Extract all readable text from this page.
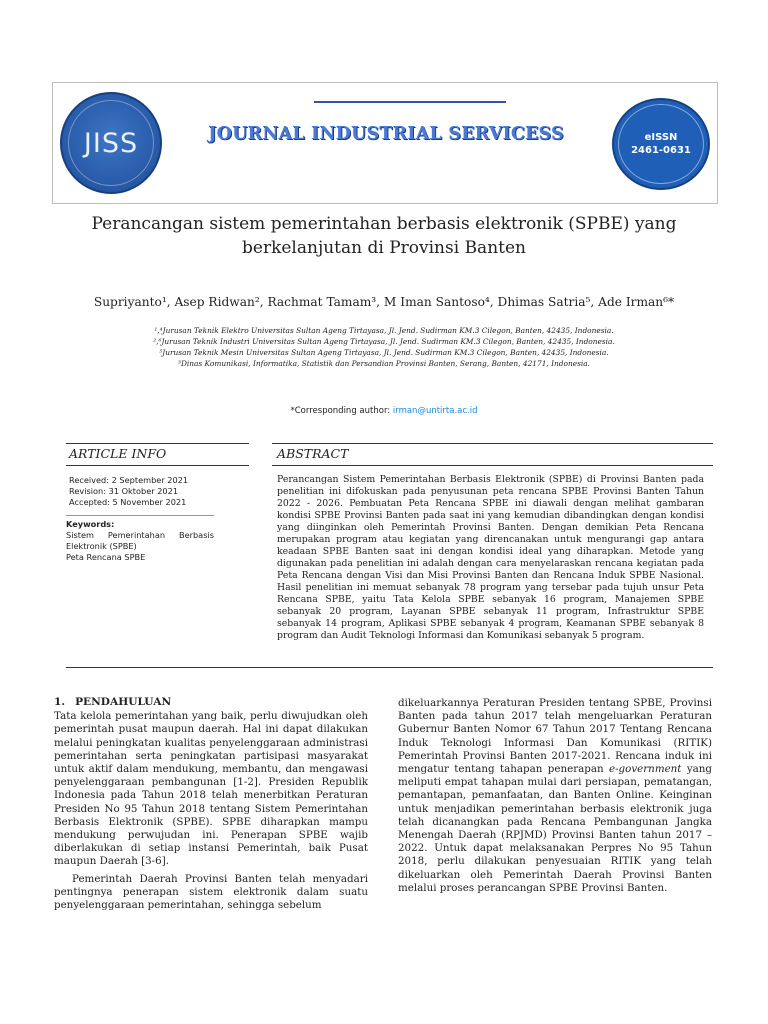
JISS	JOURNAL INDUSTRIAL SERVICESS	eISSN
2461-0631
Perancangan sistem pemerintahan berbasis elektronik (SPBE) yang
berkelanjutan di Provinsi Banten
Supriyanto¹, Asep Ridwan², Rachmat Tamam³, M Iman Santoso⁴, Dhimas Satria⁵, Ade Irman⁶*
¹,⁴Jurusan Teknik Elektro Universitas Sultan Ageng Tirtayasa, Jl. Jend. Sudirman KM.3 Cilegon, Banten, 42435, Indonesia.
²,⁶Jurusan Teknik Industri Universitas Sultan Ageng Tirtayasa, Jl. Jend. Sudirman KM.3 Cilegon, Banten, 42435, Indonesia.
⁵Jurusan Teknik Mesin Universitas Sultan Ageng Tirtayasa, Jl. Jend. Sudirman KM.3 Cilegon, Banten, 42435, Indonesia.
³Dinas Komunikasi, Informatika, Statistik dan Persandian Provinsi Banten, Serang, Banten, 42171, Indonesia.
*Corresponding author: irman@untirta.ac.id
ARTICLE INFO	ABSTRACT
Received: 2 September 2021
Revision: 31 Oktober 2021
Accepted: 5 November 2021
Keywords:
Sistem Pemerintahan Berbasis Elektronik (SPBE)
Peta Rencana SPBE
Perancangan Sistem Pemerintahan Berbasis Elektronik (SPBE) di Provinsi Banten pada penelitian ini difokuskan pada penyusunan peta rencana SPBE Provinsi Banten Tahun 2022 - 2026. Pembuatan Peta Rencana SPBE ini diawali dengan melihat gambaran kondisi SPBE Provinsi Banten pada saat ini yang kemudian dibandingkan dengan kondisi yang diinginkan oleh Pemerintah Provinsi Banten. Dengan demikian Peta Rencana merupakan program atau kegiatan yang direncanakan untuk mengurangi gap antara keadaan SPBE Banten saat ini dengan kondisi ideal yang diharapkan. Metode yang digunakan pada penelitian ini adalah dengan cara menyelaraskan rencana kegiatan pada Peta Rencana dengan Visi dan Misi Provinsi Banten dan Rencana Induk SPBE Nasional. Hasil penelitian ini memuat sebanyak 78 program yang tersebar pada tujuh unsur Peta Rencana SPBE, yaitu Tata Kelola SPBE sebanyak 16 program, Manajemen SPBE sebanyak 20 program, Layanan SPBE sebanyak 11 program, Infrastruktur SPBE sebanyak 14 program, Aplikasi SPBE sebanyak 4 program, Keamanan SPBE sebanyak 8 program dan Audit Teknologi Informasi dan Komunikasi sebanyak 5 program.
1. PENDAHULUAN

Tata kelola pemerintahan yang baik, perlu diwujudkan oleh pemerintah pusat maupun daerah. Hal ini dapat dilakukan melalui peningkatan kualitas penyelenggaraan administrasi pemerintahan serta peningkatan partisipasi masyarakat untuk aktif dalam mendukung, membantu, dan mengawasi penyelenggaraan pembangunan [1-2]. Presiden Republik Indonesia pada Tahun 2018 telah menerbitkan Peraturan Presiden No 95 Tahun 2018 tentang Sistem Pemerintahan Berbasis Elektronik (SPBE). SPBE diharapkan mampu mendukung perwujudan ini. Penerapan SPBE wajib diberlakukan di setiap instansi Pemerintah, baik Pusat maupun Daerah [3-6].

Pemerintah Daerah Provinsi Banten telah menyadari pentingnya penerapan sistem elektronik dalam suatu penyelenggaraan pemerintahan, sehingga sebelum

dikeluarkannya Peraturan Presiden tentang SPBE, Provinsi Banten pada tahun 2017 telah mengeluarkan Peraturan Gubernur Banten Nomor 67 Tahun 2017 Tentang Rencana Induk Teknologi Informasi Dan Komunikasi (RITIK) Pemerintah Provinsi Banten 2017-2021. Rencana induk ini mengatur tentang tahapan penerapan e-government yang meliputi empat tahapan mulai dari persiapan, pematangan, pemantapan, pemanfaatan, dan Banten Online. Keinginan untuk menjadikan pemerintahan berbasis elektronik juga telah dicanangkan pada Rencana Pembangunan Jangka Menengah Daerah (RPJMD) Provinsi Banten tahun 2017 – 2022. Untuk dapat melaksanakan Perpres No 95 Tahun 2018, perlu dilakukan penyesuaian RITIK yang telah dikeluarkan oleh Pemerintah Daerah Provinsi Banten melalui proses perancangan SPBE Provinsi Banten.
